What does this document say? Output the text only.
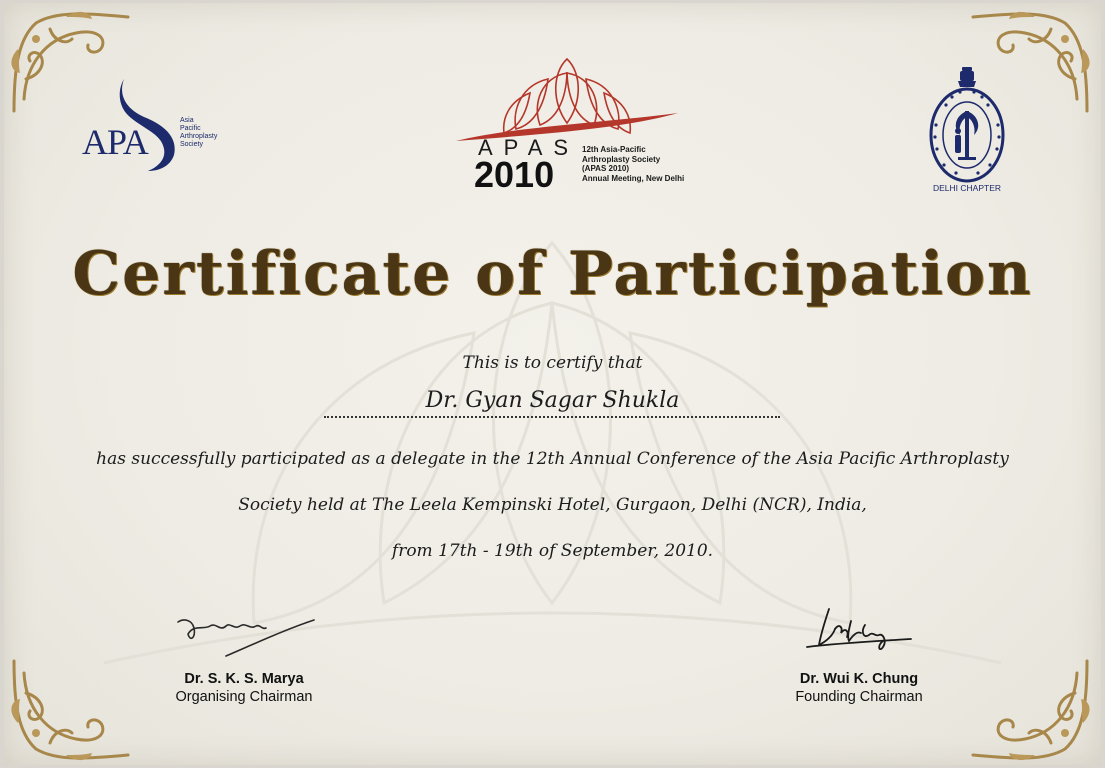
APA
Asia
Pacific
Arthroplasty
Society	APAS
2010
12th Asia-Pacific
Arthroplasty Society
(APAS 2010)
Annual Meeting, New Delhi
DELHI CHAPTER
Certificate of Participation
This is to certify that
Dr. Gyan Sagar Shukla
has successfully participated as a delegate in the 12th Annual Conference of the Asia Pacific Arthroplasty
Society held at The Leela Kempinski Hotel, Gurgaon, Delhi (NCR), India,
from 17th - 19th of September, 2010.
Dr. S. K. S. Marya
Organising Chairman
Dr. Wui K. Chung
Founding Chairman
